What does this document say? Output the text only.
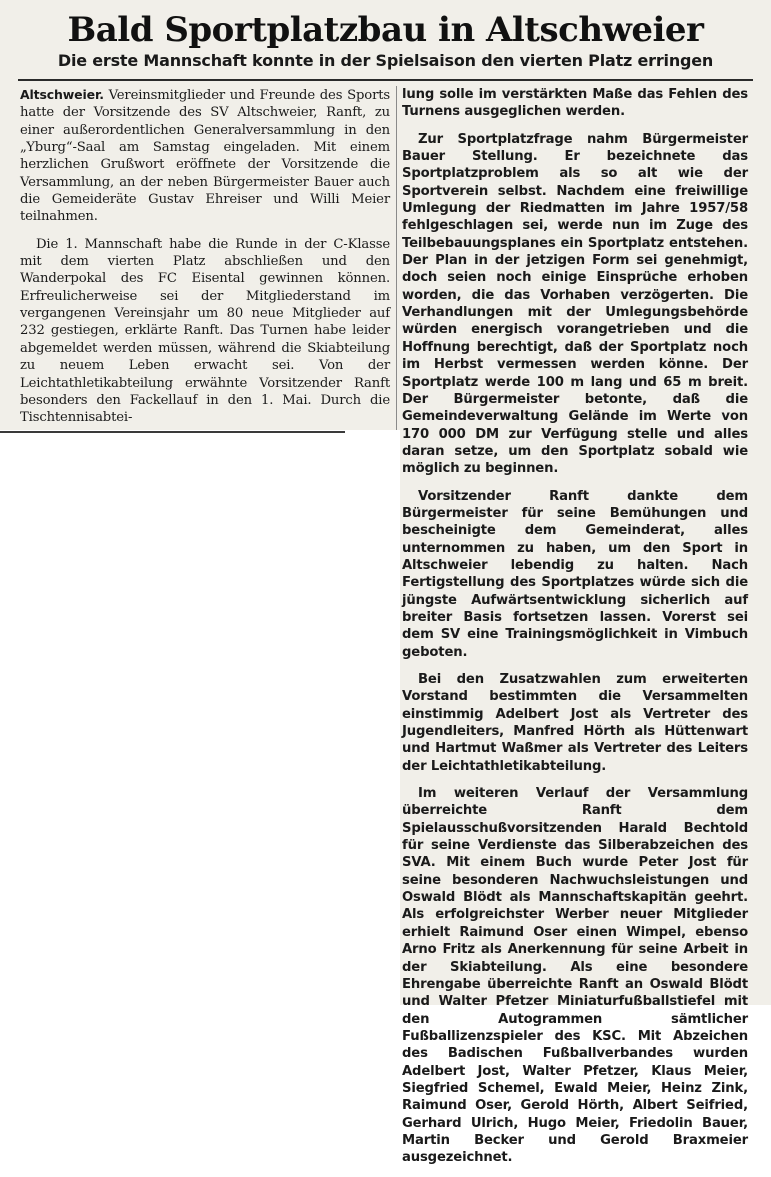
Bald Sportplatzbau in Altschweier
Die erste Mannschaft konnte in der Spielsaison den vierten Platz erringen

Altschweier. Vereinsmitglieder und Freunde des Sports hatte der Vorsitzende des SV Altschweier, Ranft, zu einer außerordentlichen Generalversammlung in den „Yburg“-Saal am Samstag eingeladen. Mit einem herzlichen Grußwort eröffnete der Vorsitzende die Versammlung, an der neben Bürgermeister Bauer auch die Gemeideräte Gustav Ehreiser und Willi Meier teilnahmen.

Die 1. Mannschaft habe die Runde in der C-Klasse mit dem vierten Platz abschließen und den Wanderpokal des FC Eisental gewinnen können. Erfreulicherweise sei der Mitgliederstand im vergangenen Vereinsjahr um 80 neue Mitglieder auf 232 gestiegen, erklärte Ranft. Das Turnen habe leider abgemeldet werden müssen, während die Skiabteilung zu neuem Leben erwacht sei. Von der Leichtathletikabteilung erwähnte Vorsitzender Ranft besonders den Fackellauf in den 1. Mai. Durch die Tischtennisabtei-

lung solle im verstärkten Maße das Fehlen des Turnens ausgeglichen werden.

Zur Sportplatzfrage nahm Bürgermeister Bauer Stellung. Er bezeichnete das Sportplatzproblem als so alt wie der Sportverein selbst. Nachdem eine freiwillige Umlegung der Riedmatten im Jahre 1957/58 fehlgeschlagen sei, werde nun im Zuge des Teilbebauungsplanes ein Sportplatz entstehen. Der Plan in der jetzigen Form sei genehmigt, doch seien noch einige Einsprüche erhoben worden, die das Vorhaben verzögerten. Die Verhandlungen mit der Umlegungsbehörde würden energisch vorangetrieben und die Hoffnung berechtigt, daß der Sportplatz noch im Herbst vermessen werden könne. Der Sportplatz werde 100 m lang und 65 m breit. Der Bürgermeister betonte, daß die Gemeindeverwaltung Gelände im Werte von 170 000 DM zur Verfügung stelle und alles daran setze, um den Sportplatz sobald wie möglich zu beginnen.

Vorsitzender Ranft dankte dem Bürgermeister für seine Bemühungen und bescheinigte dem Gemeinderat, alles unternommen zu haben, um den Sport in Altschweier lebendig zu halten. Nach Fertigstellung des Sportplatzes würde sich die jüngste Aufwärtsentwicklung sicherlich auf breiter Basis fortsetzen lassen. Vorerst sei dem SV eine Trainingsmöglichkeit in Vimbuch geboten.

Bei den Zusatzwahlen zum erweiterten Vorstand bestimmten die Versammelten einstimmig Adelbert Jost als Vertreter des Jugendleiters, Manfred Hörth als Hüttenwart und Hartmut Waßmer als Vertreter des Leiters der Leichtathletikabteilung.

Im weiteren Verlauf der Versammlung überreichte Ranft dem Spielausschußvorsitzenden Harald Bechtold für seine Verdienste das Silberabzeichen des SVA. Mit einem Buch wurde Peter Jost für seine besonderen Nachwuchsleistungen und Oswald Blödt als Mannschaftskapitän geehrt. Als erfolgreichster Werber neuer Mitglieder erhielt Raimund Oser einen Wimpel, ebenso Arno Fritz als Anerkennung für seine Arbeit in der Skiabteilung. Als eine besondere Ehrengabe überreichte Ranft an Oswald Blödt und Walter Pfetzer Miniaturfußballstiefel mit den Autogrammen sämtlicher Fußballizenzspieler des KSC. Mit Abzeichen des Badischen Fußballverbandes wurden Adelbert Jost, Walter Pfetzer, Klaus Meier, Siegfried Schemel, Ewald Meier, Heinz Zink, Raimund Oser, Gerold Hörth, Albert Seifried, Gerhard Ulrich, Hugo Meier, Friedolin Bauer, Martin Becker und Gerold Braxmeier ausgezeichnet.
